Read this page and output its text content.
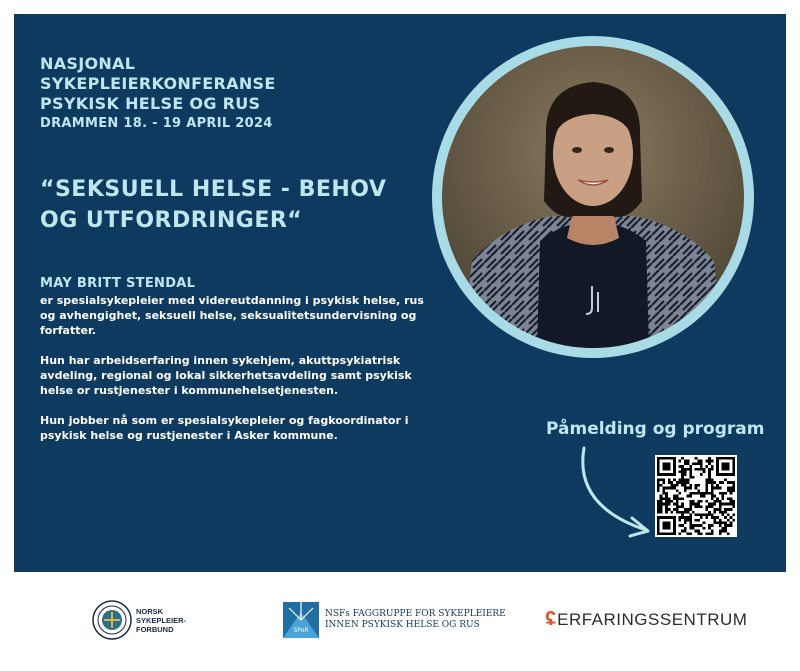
NASJONAL
SYKEPLEIERKONFERANSE
PSYKISK HELSE OG RUS
DRAMMEN 18. - 19 APRIL 2024
“SEKSUELL HELSE - BEHOV
OG UTFORDRINGER“
MAY BRITT STENDAL

er spesialsykepleier med videreutdanning i psykisk helse, rus og avhengighet, seksuell helse, seksualitetsundervisning og forfatter.

Hun har arbeidserfaring innen sykehjem, akuttpsykiatrisk avdeling, regional og lokal sikkerhetsavdeling samt psykisk helse or rustjenester i kommunehelsetjenesten.

Hun jobber nå som er spesialsykepleier og fagkoordinator i psykisk helse og rustjenester i Asker kommune.	Påmelding og program
NORSK
SYKEPLEIER-
FORBUND	SPoR
NSFs FAGGRUPPE FOR SYKEPLEIERE
INNEN PSYKISK HELSE OG RUS	ʢ ERFARINGSSENTRUM
